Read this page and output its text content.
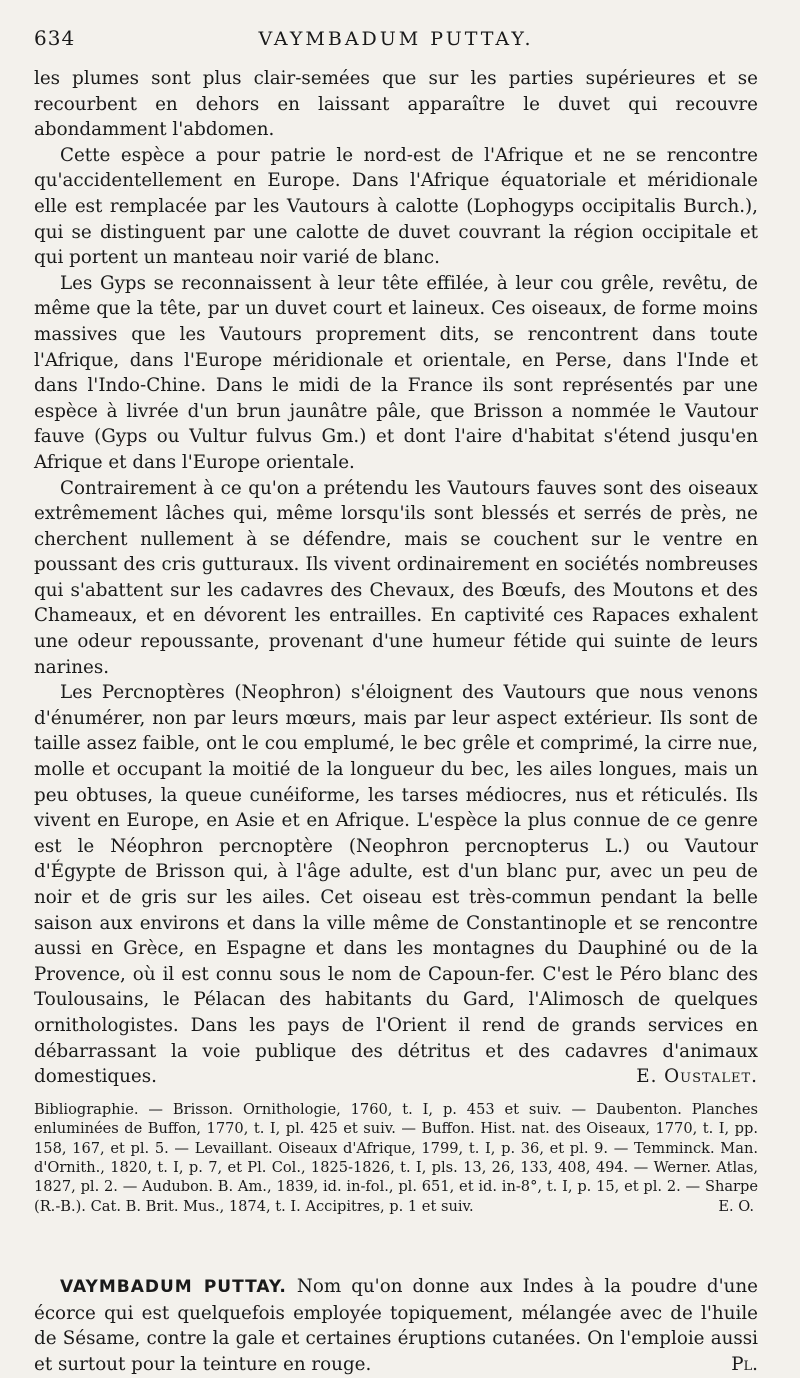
634	VAYMBADUM PUTTAY.

les plumes sont plus clair-semées que sur les parties supérieures et se recourbent en dehors en laissant apparaître le duvet qui recouvre abondamment l'abdomen.

Cette espèce a pour patrie le nord-est de l'Afrique et ne se rencontre qu'accidentellement en Europe. Dans l'Afrique équatoriale et méridionale elle est remplacée par les Vautours à calotte (Lophogyps occipitalis Burch.), qui se distinguent par une calotte de duvet couvrant la région occipitale et qui portent un manteau noir varié de blanc.

Les Gyps se reconnaissent à leur tête effilée, à leur cou grêle, revêtu, de même que la tête, par un duvet court et laineux. Ces oiseaux, de forme moins massives que les Vautours proprement dits, se rencontrent dans toute l'Afrique, dans l'Europe méridionale et orientale, en Perse, dans l'Inde et dans l'Indo-Chine. Dans le midi de la France ils sont représentés par une espèce à livrée d'un brun jaunâtre pâle, que Brisson a nommée le Vautour fauve (Gyps ou Vultur fulvus Gm.) et dont l'aire d'habitat s'étend jusqu'en Afrique et dans l'Europe orientale.

Contrairement à ce qu'on a prétendu les Vautours fauves sont des oiseaux extrêmement lâches qui, même lorsqu'ils sont blessés et serrés de près, ne cherchent nullement à se défendre, mais se couchent sur le ventre en poussant des cris gutturaux. Ils vivent ordinairement en sociétés nombreuses qui s'abattent sur les cadavres des Chevaux, des Bœufs, des Moutons et des Chameaux, et en dévorent les entrailles. En captivité ces Rapaces exhalent une odeur repoussante, provenant d'une humeur fétide qui suinte de leurs narines.

Les Percnoptères (Neophron) s'éloignent des Vautours que nous venons d'énumérer, non par leurs mœurs, mais par leur aspect extérieur. Ils sont de taille assez faible, ont le cou emplumé, le bec grêle et comprimé, la cirre nue, molle et occupant la moitié de la longueur du bec, les ailes longues, mais un peu obtuses, la queue cunéiforme, les tarses médiocres, nus et réticulés. Ils vivent en Europe, en Asie et en Afrique. L'espèce la plus connue de ce genre est le Néophron percnoptère (Neophron percnopterus L.) ou Vautour d'Égypte de Brisson qui, à l'âge adulte, est d'un blanc pur, avec un peu de noir et de gris sur les ailes. Cet oiseau est très-commun pendant la belle saison aux environs et dans la ville même de Constantinople et se rencontre aussi en Grèce, en Espagne et dans les montagnes du Dauphiné ou de la Provence, où il est connu sous le nom de Capoun-fer. C'est le Péro blanc des Toulousains, le Pélacan des habitants du Gard, l'Alimosch de quelques ornithologistes. Dans les pays de l'Orient il rend de grands services en débarrassant la voie publique des détritus et des cadavres d'animaux domestiques.	E. Oustalet.

Bibliographie. — Brisson. Ornithologie, 1760, t. I, p. 453 et suiv. — Daubenton. Planches enluminées de Buffon, 1770, t. I, pl. 425 et suiv. — Buffon. Hist. nat. des Oiseaux, 1770, t. I, pp. 158, 167, et pl. 5. — Levaillant. Oiseaux d'Afrique, 1799, t. I, p. 36, et pl. 9. — Temminck. Man. d'Ornith., 1820, t. I, p. 7, et Pl. Col., 1825-1826, t. I, pls. 13, 26, 133, 408, 494. — Werner. Atlas, 1827, pl. 2. — Audubon. B. Am., 1839, id. in-fol., pl. 651, et id. in-8°, t. I, p. 15, et pl. 2. — Sharpe (R.-B.). Cat. B. Brit. Mus., 1874, t. I. Accipitres, p. 1 et suiv.	E. O.
VAYMBADUM PUTTAY. Nom qu'on donne aux Indes à la poudre d'une écorce qui est quelquefois employée topiquement, mélangée avec de l'huile de Sésame, contre la gale et certaines éruptions cutanées. On l'emploie aussi et surtout pour la teinture en rouge.	Pl.
